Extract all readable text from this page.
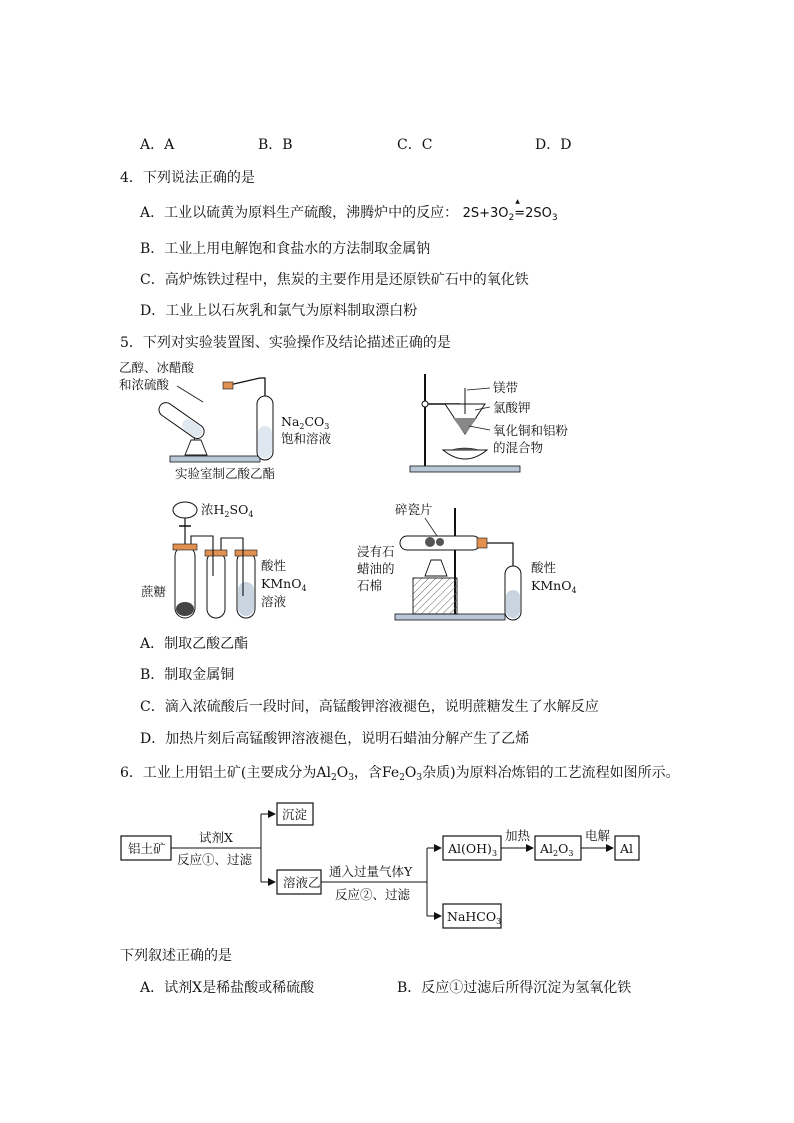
A．A	B．B	C．C	D．D
4．下列说法正确的是
A．工业以硫黄为原料生产硫酸，沸腾炉中的反应： $2S+3O_2=$
▲
$2SO_3$
B．工业上用电解饱和食盐水的方法制取金属钠
C．高炉炼铁过程中，焦炭的主要作用是还原铁矿石中的氧化铁
D．工业上以石灰乳和氯气为原料制取漂白粉
5．下列对实验装置图、实验操作及结论描述正确的是
乙醇、冰醋酸
和浓硫酸
$Na_2CO_3$
饱和溶液
实验室制乙酸乙酯
镁带
氯酸钾
氧化铜和铝粉
的混合物
浓$H_2SO_4$
蔗糖
酸性
KMnO$_4$
溶液
碎瓷片
浸有石
蜡油的
石棉
酸性
KMnO$_4$
A．制取乙酸乙酯
B．制取金属铜
C．滴入浓硫酸后一段时间，高锰酸钾溶液褪色，说明蔗糖发生了水解反应
D．加热片刻后高锰酸钾溶液褪色，说明石蜡油分解产生了乙烯
6．工业上用铝土矿(主要成分为$Al_2O_3$，含$Fe_2O_3$杂质)为原料冶炼铝的工艺流程如图所示。
铝土矿
试剂X
反应①、过滤
沉淀
溶液乙
通入过量气体Y
反应②、过滤
$Al(OH)_3$
加热
$Al_2O_3$
电解
Al
NaHCO$_3$
下列叙述正确的是
A．试剂X是稀盐酸或稀硫酸	B．反应①过滤后所得沉淀为氢氧化铁
